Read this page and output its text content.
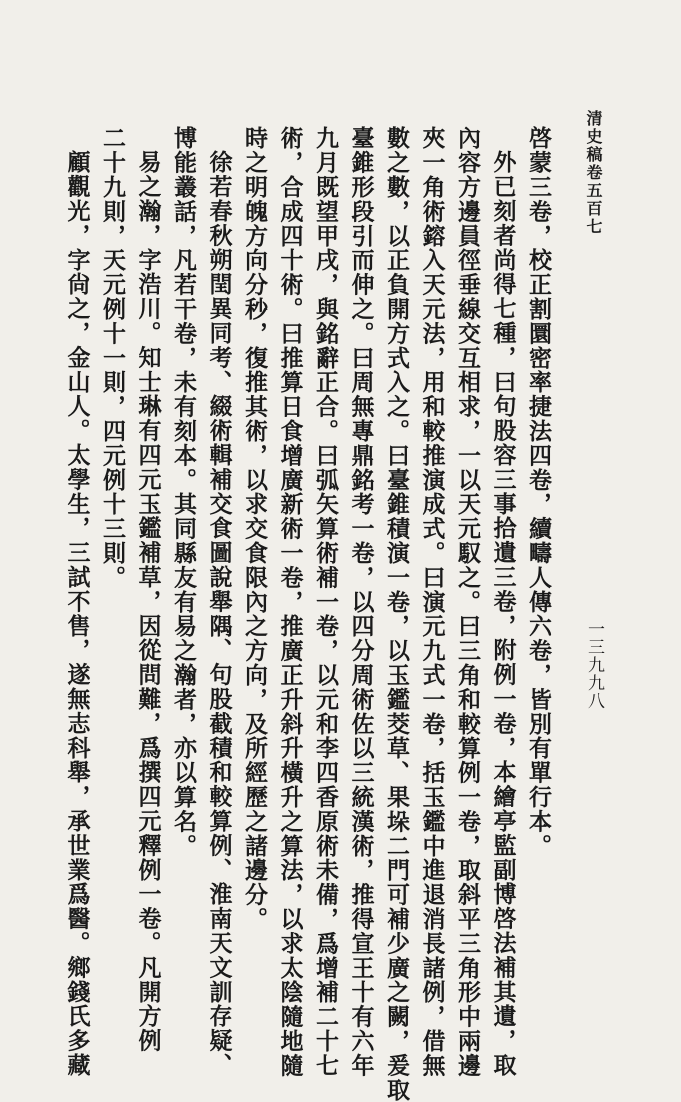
清史稿卷五百七
一三九九八
啓蒙三卷，校正割圜密率捷法四卷，續疇人傳六卷，皆別有單行本。
外已刻者尚得七種，曰句股容三事拾遺三卷，附例一卷，本繪亭監副博啓法補其遺，取
內容方邊員徑垂線交互相求，一以天元馭之。曰三角和較算例一卷，取斜平三角形中兩邊
夾一角術鎔入天元法，用和較推演成式。曰演元九式一卷，括玉鑑中進退消長諸例，借無
數之數，以正負開方式入之。曰臺錐積演一卷，以玉鑑茭草、果垛二門可補少廣之闕，爰取
臺錐形段引而伸之。曰周無專鼎銘考一卷，以四分周術佐以三統漢術，推得宣王十有六年
九月既望甲戌，與銘辭正合。曰弧矢算術補一卷，以元和李四香原術未備，爲增補二十七
術，合成四十術。曰推算日食增廣新術一卷，推廣正升斜升橫升之算法，以求太陰隨地隨
時之明魄方向分秒，復推其術，以求交食限內之方向，及所經歷之諸邊分。
徐若春秋朔閏異同考、綴術輯補交食圖說舉隅、句股截積和較算例、淮南天文訓存疑、
博能叢話，凡若干卷，未有刻本。其同縣友有易之瀚者，亦以算名。
易之瀚，字浩川。知士琳有四元玉鑑補草，因從問難，爲撰四元釋例一卷。凡開方例
二十九則，天元例十一則，四元例十三則。
顧觀光，字尙之，金山人。太學生，三試不售，遂無志科舉，承世業爲醫。鄉錢氏多藏
